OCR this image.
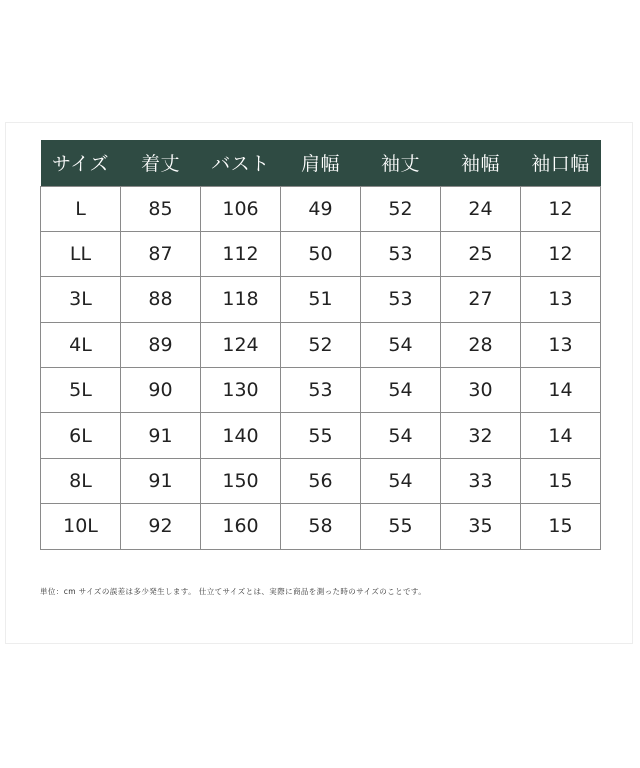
サイズ	着丈	バスト	肩幅	袖丈	袖幅	袖口幅
L	85	106	49	52	24	12
LL	87	112	50	53	25	12
3L	88	118	51	53	27	13
4L	89	124	52	54	28	13
5L	90	130	53	54	30	14
6L	91	140	55	54	32	14
8L	91	150	56	54	33	15
10L	92	160	58	55	35	15
単位：cm サイズの誤差は多少発生します。 仕立てサイズとは、実際に商品を測った時のサイズのことです。
